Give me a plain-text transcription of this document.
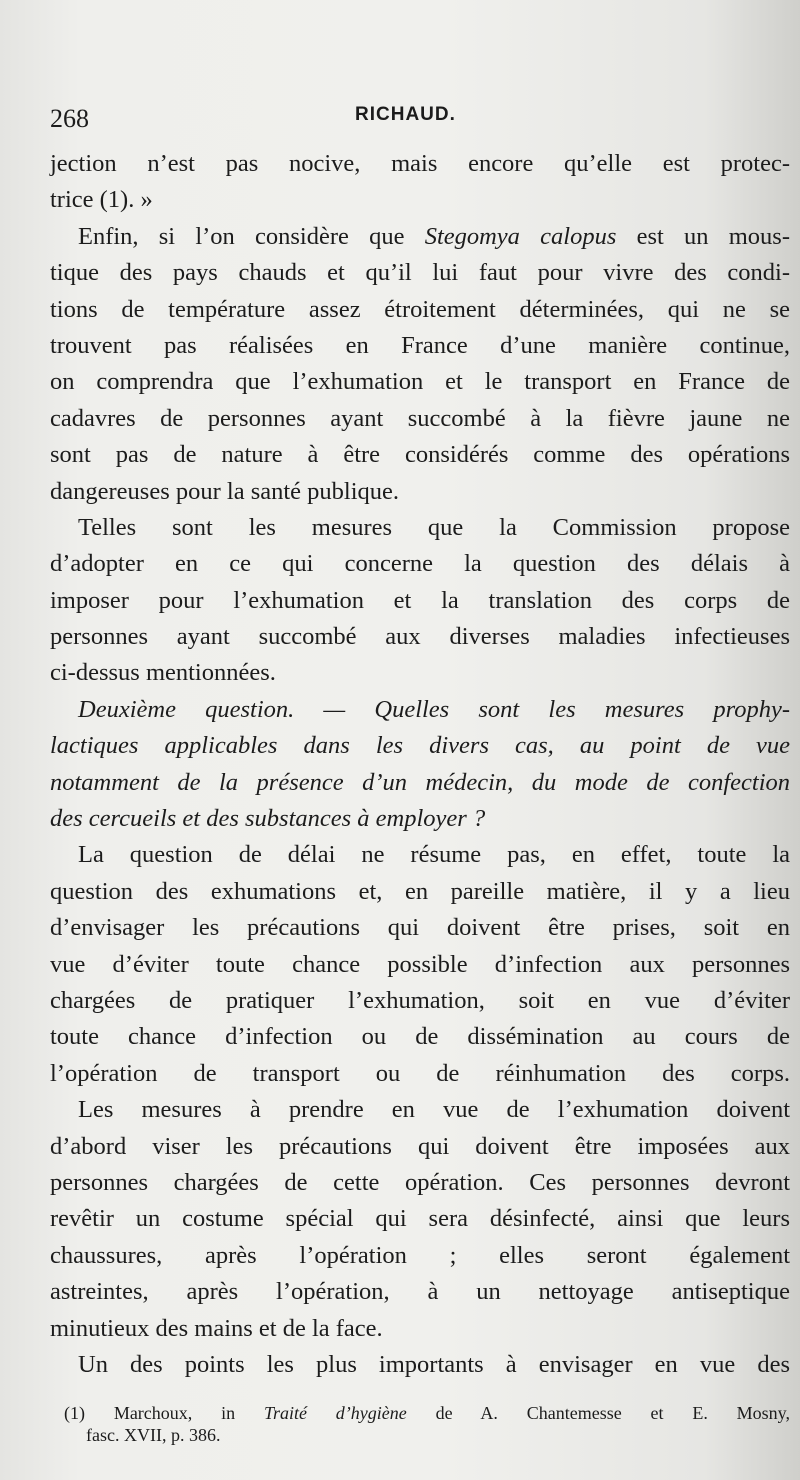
268	RICHAUD.
jection n’est pas nocive, mais encore qu’elle est protec-
trice (1). »
Enfin, si l’on considère que Stegomya calopus est un mous-
tique des pays chauds et qu’il lui faut pour vivre des condi-
tions de température assez étroitement déterminées, qui ne se
trouvent pas réalisées en France d’une manière continue,
on comprendra que l’exhumation et le transport en France de
cadavres de personnes ayant succombé à la fièvre jaune ne
sont pas de nature à être considérés comme des opérations
dangereuses pour la santé publique.
Telles sont les mesures que la Commission propose
d’adopter en ce qui concerne la question des délais à
imposer pour l’exhumation et la translation des corps de
personnes ayant succombé aux diverses maladies infectieuses
ci-dessus mentionnées.
Deuxième question. — Quelles sont les mesures prophy-
lactiques applicables dans les divers cas, au point de vue
notamment de la présence d’un médecin, du mode de confection
des cercueils et des substances à employer ?
La question de délai ne résume pas, en effet, toute la
question des exhumations et, en pareille matière, il y a lieu
d’envisager les précautions qui doivent être prises, soit en
vue d’éviter toute chance possible d’infection aux personnes
chargées de pratiquer l’exhumation, soit en vue d’éviter
toute chance d’infection ou de dissémination au cours de
l’opération de transport ou de réinhumation des corps.
Les mesures à prendre en vue de l’exhumation doivent
d’abord viser les précautions qui doivent être imposées aux
personnes chargées de cette opération. Ces personnes devront
revêtir un costume spécial qui sera désinfecté, ainsi que leurs
chaussures, après l’opération ; elles seront également
astreintes, après l’opération, à un nettoyage antiseptique
minutieux des mains et de la face.
Un des points les plus importants à envisager en vue des
(1) Marchoux, in Traité d’hygiène de A. Chantemesse et E. Mosny,
fasc. XVII, p. 386.
